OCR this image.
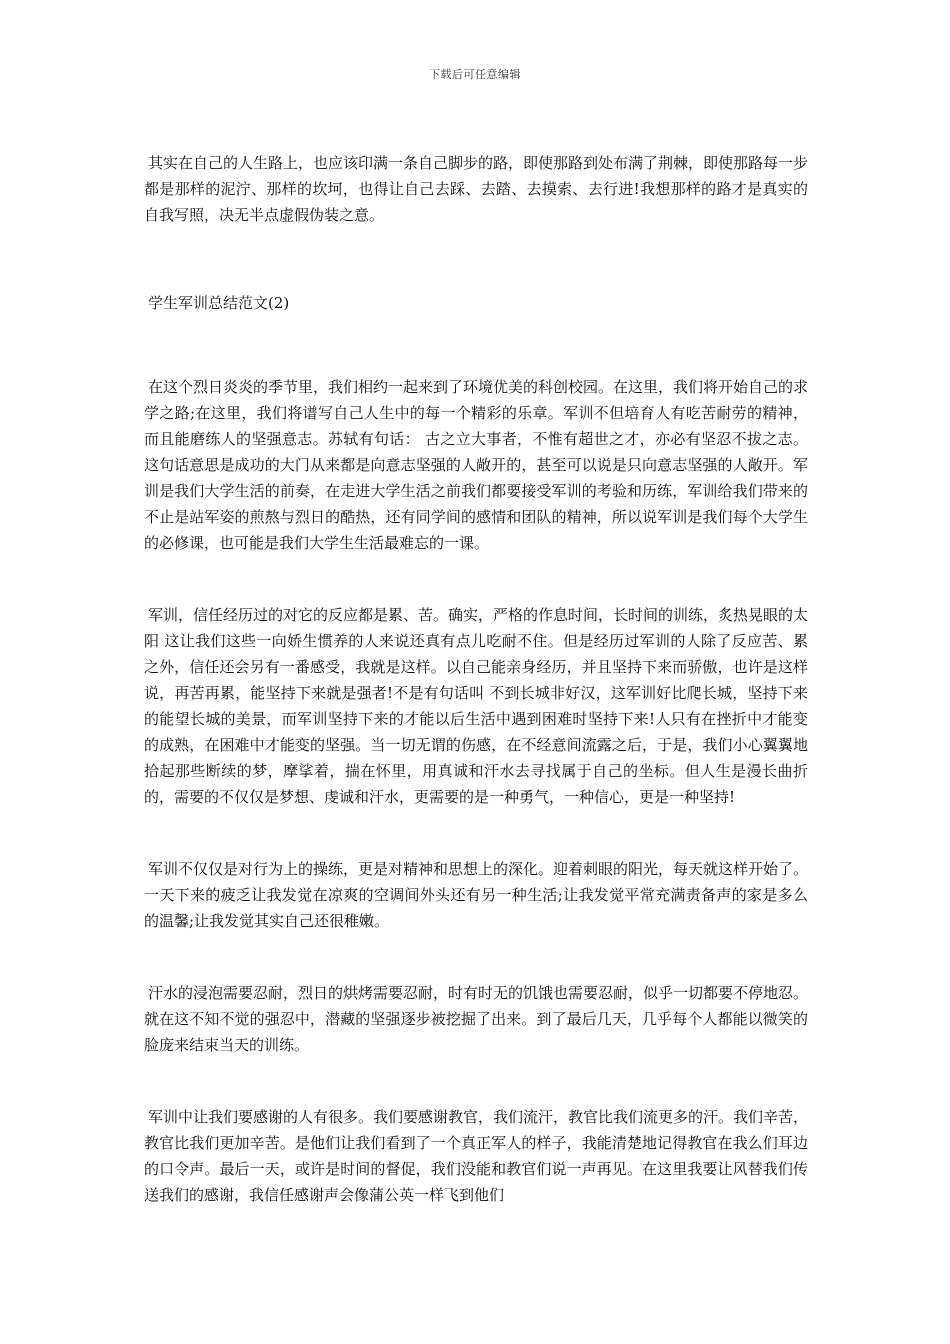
下载后可任意编辑

其实在自己的人生路上，也应该印满一条自己脚步的路，即使那路到处布满了荆棘，即使那路每一步都是那样的泥泞、那样的坎坷，也得让自己去踩、去踏、去摸索、去行进!我想那样的路才是真实的自我写照，决无半点虚假伪装之意。

学生军训总结范文(2)

在这个烈日炎炎的季节里，我们相约一起来到了环境优美的科创校园。在这里，我们将开始自己的求学之路;在这里，我们将谱写自己人生中的每一个精彩的乐章。军训不但培育人有吃苦耐劳的精神，而且能磨练人的坚强意志。苏轼有句话： 古之立大事者，不惟有超世之才，亦必有坚忍不拔之志。 这句话意思是成功的大门从来都是向意志坚强的人敞开的，甚至可以说是只向意志坚强的人敞开。军训是我们大学生活的前奏，在走进大学生活之前我们都要接受军训的考验和历练，军训给我们带来的不止是站军姿的煎熬与烈日的酷热，还有同学间的感情和团队的精神，所以说军训是我们每个大学生的必修课，也可能是我们大学生生活最难忘的一课。

军训，信任经历过的对它的反应都是累、苦。确实，严格的作息时间，长时间的训练，炙热晃眼的太阳 这让我们这些一向娇生惯养的人来说还真有点儿吃耐不住。但是经历过军训的人除了反应苦、累之外，信任还会另有一番感受，我就是这样。以自己能亲身经历，并且坚持下来而骄傲，也许是这样说，再苦再累，能坚持下来就是强者!不是有句话叫 不到长城非好汉，这军训好比爬长城，坚持下来的能望长城的美景，而军训坚持下来的才能以后生活中遇到困难时坚持下来!人只有在挫折中才能变的成熟，在困难中才能变的坚强。当一切无谓的伤感，在不经意间流露之后，于是，我们小心翼翼地拾起那些断续的梦，摩挲着，揣在怀里，用真诚和汗水去寻找属于自己的坐标。但人生是漫长曲折的，需要的不仅仅是梦想、虔诚和汗水，更需要的是一种勇气，一种信心，更是一种坚持!

军训不仅仅是对行为上的操练，更是对精神和思想上的深化。迎着刺眼的阳光，每天就这样开始了。一天下来的疲乏让我发觉在凉爽的空调间外头还有另一种生活;让我发觉平常充满责备声的家是多么的温馨;让我发觉其实自己还很稚嫩。

汗水的浸泡需要忍耐，烈日的烘烤需要忍耐，时有时无的饥饿也需要忍耐，似乎一切都要不停地忍。就在这不知不觉的强忍中，潜藏的坚强逐步被挖掘了出来。到了最后几天，几乎每个人都能以微笑的脸庞来结束当天的训练。

军训中让我们要感谢的人有很多。我们要感谢教官，我们流汗，教官比我们流更多的汗。我们辛苦，教官比我们更加辛苦。是他们让我们看到了一个真正军人的样子，我能清楚地记得教官在我么们耳边的口令声。最后一天，或许是时间的督促，我们没能和教官们说一声再见。在这里我要让风替我们传送我们的感谢，我信任感谢声会像蒲公英一样飞到他们
